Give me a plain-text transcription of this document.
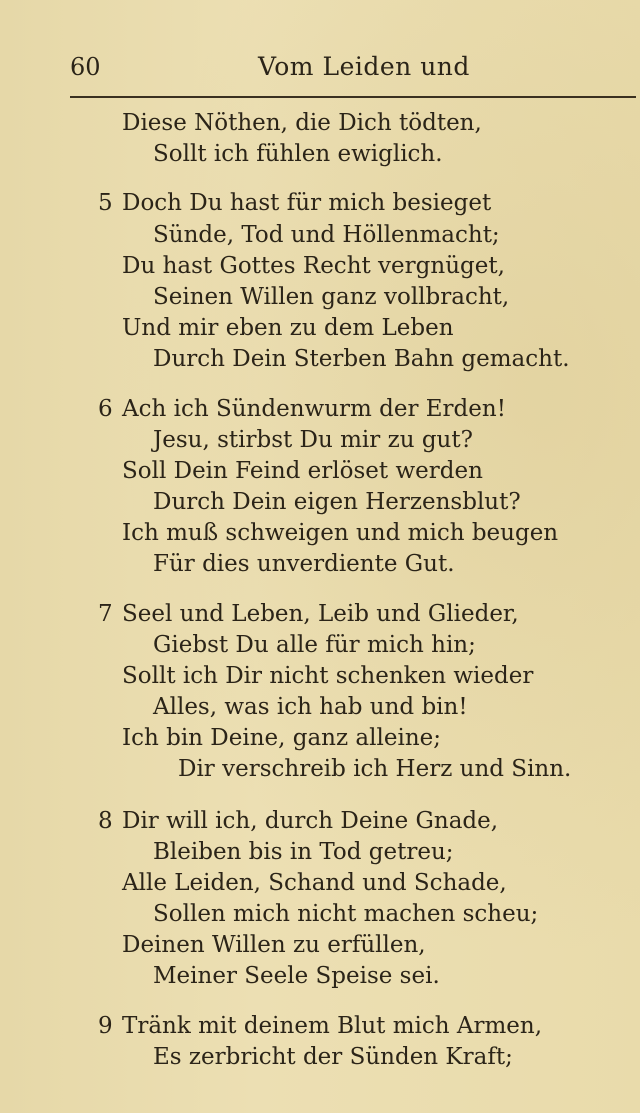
60	Vom Leiden und
Diese Nöthen, die Dich tödten,
Sollt ich fühlen ewiglich.
5 Doch Du hast für mich besieget
Sünde, Tod und Höllenmacht;
Du hast Gottes Recht vergnüget,
Seinen Willen ganz vollbracht,
Und mir eben zu dem Leben
Durch Dein Sterben Bahn gemacht.
6 Ach ich Sündenwurm der Erden!
Jesu, stirbst Du mir zu gut?
Soll Dein Feind erlöset werden
Durch Dein eigen Herzensblut?
Ich muß schweigen und mich beugen
Für dies unverdiente Gut.
7 Seel und Leben, Leib und Glieder,
Giebst Du alle für mich hin;
Sollt ich Dir nicht schenken wieder
Alles, was ich hab und bin!
Ich bin Deine, ganz alleine;
Dir verschreib ich Herz und Sinn.
8 Dir will ich, durch Deine Gnade,
Bleiben bis in Tod getreu;
Alle Leiden, Schand und Schade,
Sollen mich nicht machen scheu;
Deinen Willen zu erfüllen,
Meiner Seele Speise sei.
9 Tränk mit deinem Blut mich Armen,
Es zerbricht der Sünden Kraft;
